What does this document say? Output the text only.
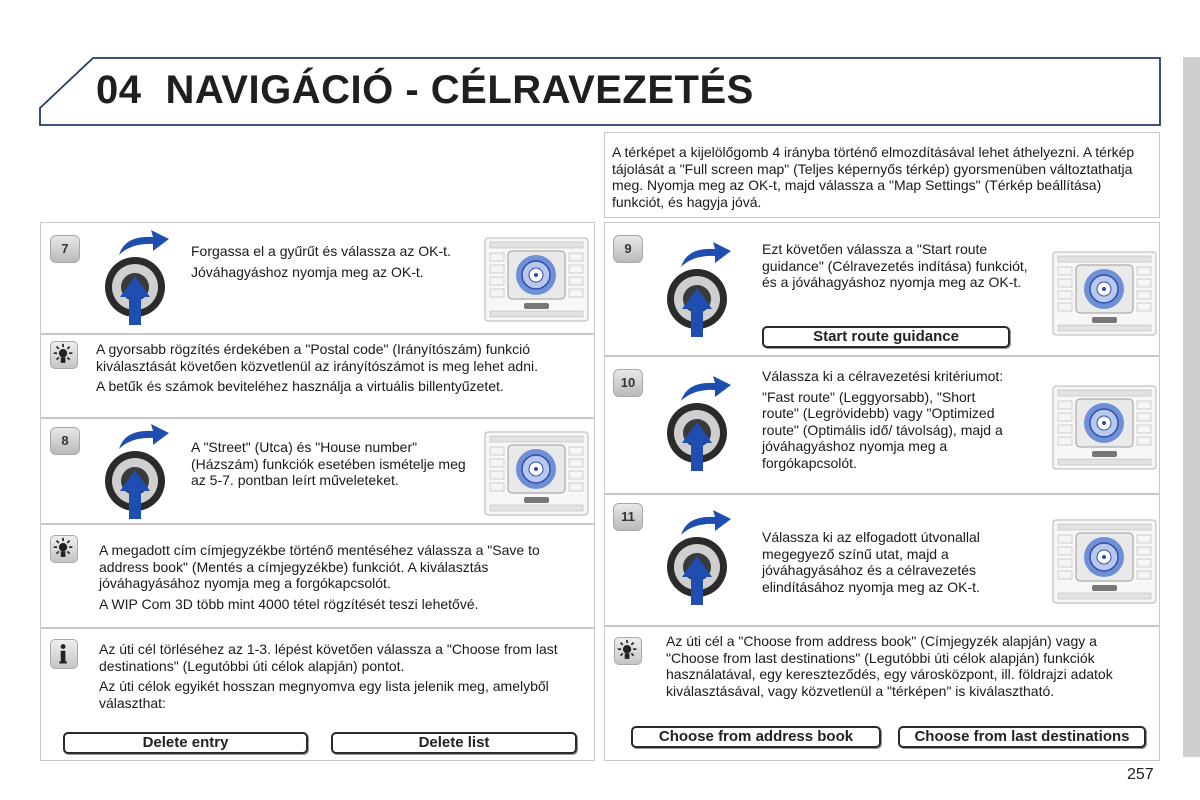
04 NAVIGÁCIÓ - CÉLRAVEZETÉS
A térképet a kijelölőgomb 4 irányba történő elmozdításával lehet áthelyezni. A térkép tájolását a "Full screen map" (Teljes képernyős térkép) gyorsmenüben változtathatja meg. Nyomja meg az OK-t, majd válassza a "Map Settings" (Térkép beállítása) funkciót, és hagyja jóvá.
7	Forgassa el a gyűrűt és válassza az OK-t.
Jóváhagyáshoz nyomja meg az OK-t.
A gyorsabb rögzítés érdekében a "Postal code" (Irányítószám) funkció kiválasztását követően közvetlenül az irányítószámot is meg lehet adni.
A betűk és számok beviteléhez használja a virtuális billentyűzetet.
8	A "Street" (Utca) és "House number" (Házszám) funkciók esetében ismételje meg az 5-7. pontban leírt műveleteket.
A megadott cím címjegyzékbe történő mentéséhez válassza a "Save to address book" (Mentés a címjegyzékbe) funkciót. A kiválasztás jóváhagyásához nyomja meg a forgókapcsolót.
A WIP Com 3D több mint 4000 tétel rögzítését teszi lehetővé.
Az úti cél törléséhez az 1-3. lépést követően válassza a "Choose from last destinations" (Legutóbbi úti célok alapján) pontot.
Az úti célok egyikét hosszan megnyomva egy lista jelenik meg, amelyből választhat:
Delete entry	Delete list
9	Ezt követően válassza a "Start route guidance" (Célravezetés indítása) funkciót, és a jóváhagyáshoz nyomja meg az OK-t.
Start route guidance
10	Válassza ki a célravezetési kritériumot:
"Fast route" (Leggyorsabb), "Short route" (Legrövidebb) vagy "Optimized route" (Optimális idő/ távolság), majd a jóváhagyáshoz nyomja meg a forgókapcsolót.
11
Válassza ki az elfogadott útvonallal megegyező színű utat, majd a jóváhagyásához és a célravezetés elindításához nyomja meg az OK-t.
Az úti cél a "Choose from address book" (Címjegyzék alapján) vagy a "Choose from last destinations" (Legutóbbi úti célok alapján) funkciók használatával, egy kereszteződés, egy városközpont, ill. földrajzi adatok kiválasztásával, vagy közvetlenül a "térképen" is kiválasztható.
Choose from address book	Choose from last destinations
257
